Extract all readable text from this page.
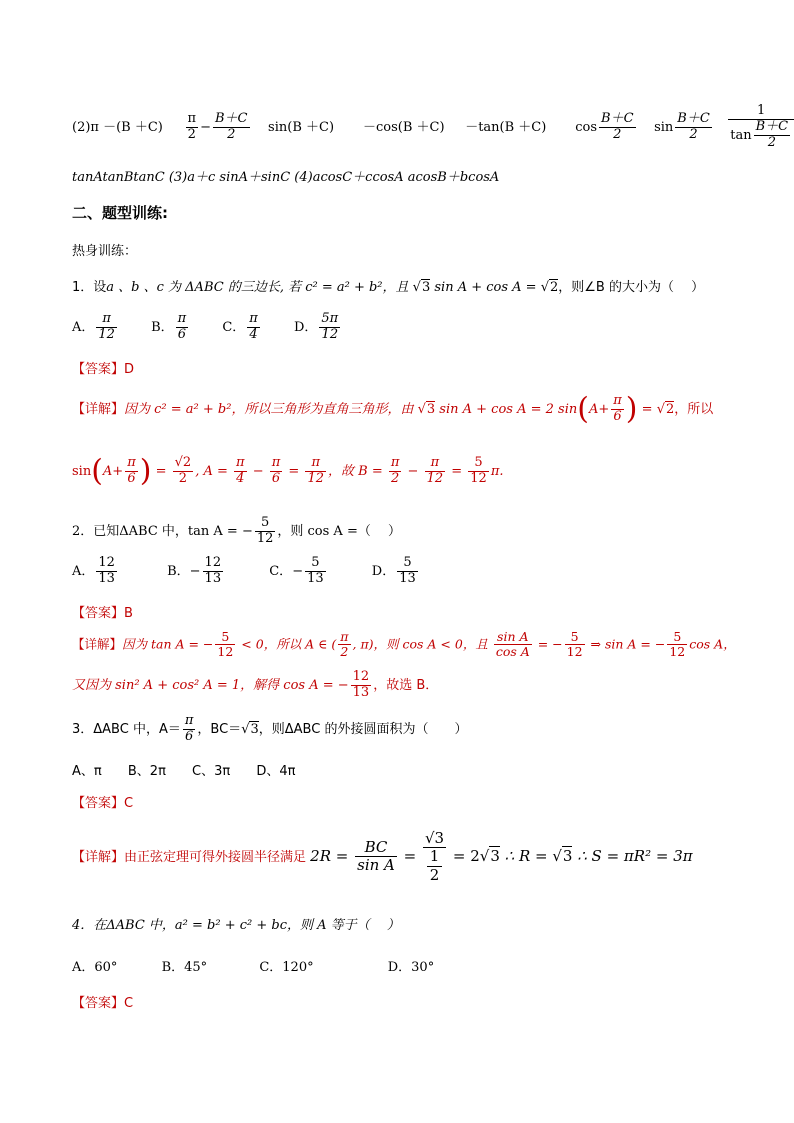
$(2)\pi -(B +C) \frac{\pi}{2} - \frac{B+C}{2} \sin(B +C) -\cos(B +C) -\tan(B +C)$ $\cos \frac{B+C}{2}$ $\sin \frac{B+C}{2}$
$\frac{1}{\tan \frac{B+C}{2}}$
tanAtanBtanC (3)a＋c sinA＋sinC (4)acosC＋ccosA acosB＋bcosA
二、题型训练:
热身训练：
1．设a 、b 、c 为 ΔABC 的三边长, 若 c² = a² + b²，且 √3 sin A + cos A = √2，则∠B 的大小为（　 ）
A． $\frac{\pi}{12}$	B． $\frac{\pi}{6}$	C． $\frac{\pi}{4}$	D． $\frac{5\pi}{12}$
【答案】D
【详解】因为 c² = a² + b²，所以三角形为直角三角形，由 √3 sin A + cos A = 2 $\sin(A+ \frac{\pi}{6}$ ) = √2，所以
$\sin(A+ \frac{\pi}{6}$ ) = $\frac{√2}{2}$ , $A = \frac{\pi}{4} - \frac{\pi}{6} = \frac{\pi}{12}$ ，故 $B = \frac{\pi}{2} - \frac{\pi}{12} = \frac{5}{12} \pi$.
2．已知ΔABC 中，tan A = − $\frac{5}{12}$ ，则 cos A =（　 ）
A． $\frac{12}{13}$	B．− $\frac{12}{13}$	C．− $\frac{5}{13}$	D． $\frac{5}{13}$
【答案】B
【详解】因为 tan A = − $\frac{5}{12} < 0$，所以 A ∈ ( $\frac{\pi}{2}$ , π)，则 cos A < 0，且 $\frac{\text{sin A}}{\text{cos A}}$ = − $\frac{5}{12}$ ⇒ sin A = − $\frac{5}{12}$ cos A，
又因为 sin² A + cos² A = 1，解得 cos A = − $\frac{12}{13}$ ，故选 B．
3．ΔABC 中，$A= \frac{\pi}{6}$ ，BC＝√3，则ΔABC 的外接圆面积为（　　）
A、π B、2π C、3π D、4π
【答案】C
【详解】由正弦定理可得外接圆半径满足 $2R = \frac{BC}{\text{sin A}} = √3$
1
2 = 2√3 ∴ R = √3 ∴ S = πR² = 3π
4．在ΔABC 中，a² = b² + c² + bc，则 A 等于（　 ）
A．60°	B．45°	C．120°	D．30°
【答案】C
